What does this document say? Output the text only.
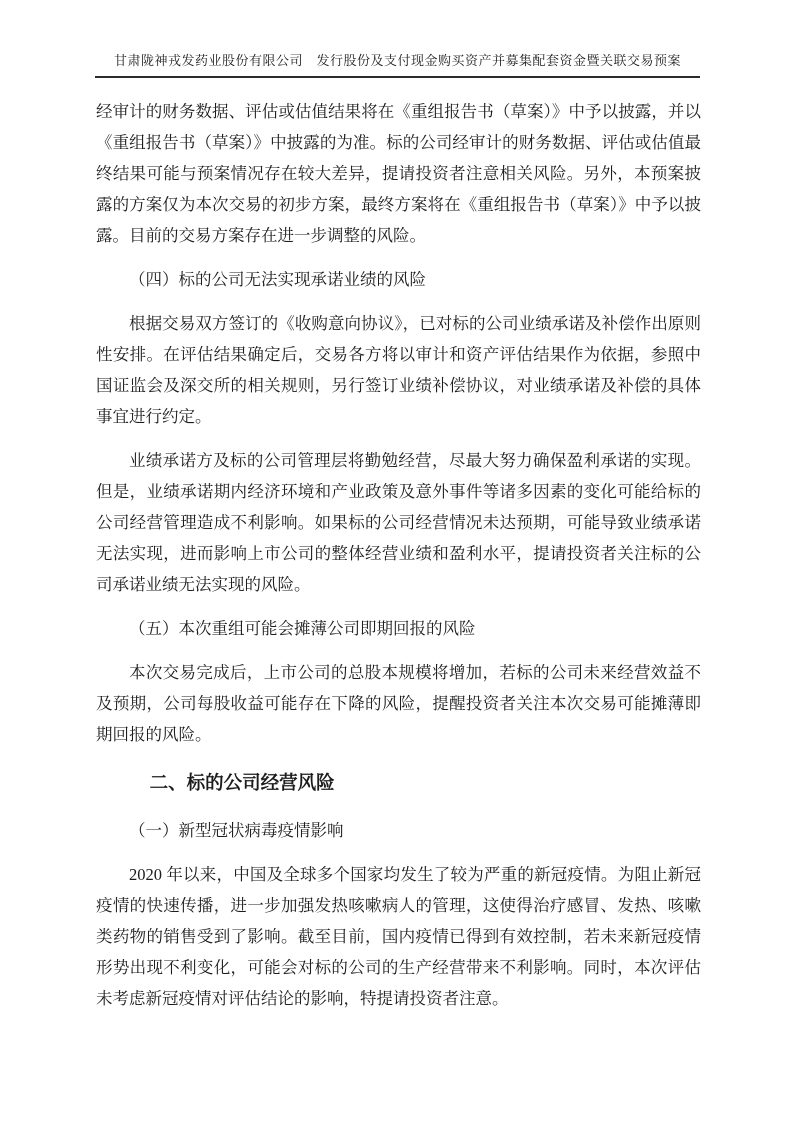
甘肃陇神戎发药业股份有限公司　发行股份及支付现金购买资产并募集配套资金暨关联交易预案

经审计的财务数据、评估或估值结果将在《重组报告书（草案）》中予以披露，并以《重组报告书（草案）》中披露的为准。标的公司经审计的财务数据、评估或估值最终结果可能与预案情况存在较大差异，提请投资者注意相关风险。另外，本预案披露的方案仅为本次交易的初步方案，最终方案将在《重组报告书（草案）》中予以披露。目前的交易方案存在进一步调整的风险。

（四）标的公司无法实现承诺业绩的风险

根据交易双方签订的《收购意向协议》，已对标的公司业绩承诺及补偿作出原则性安排。在评估结果确定后，交易各方将以审计和资产评估结果作为依据，参照中国证监会及深交所的相关规则，另行签订业绩补偿协议，对业绩承诺及补偿的具体事宜进行约定。

业绩承诺方及标的公司管理层将勤勉经营，尽最大努力确保盈利承诺的实现。但是，业绩承诺期内经济环境和产业政策及意外事件等诸多因素的变化可能给标的公司经营管理造成不利影响。如果标的公司经营情况未达预期，可能导致业绩承诺无法实现，进而影响上市公司的整体经营业绩和盈利水平，提请投资者关注标的公司承诺业绩无法实现的风险。

（五）本次重组可能会摊薄公司即期回报的风险

本次交易完成后，上市公司的总股本规模将增加，若标的公司未来经营效益不及预期，公司每股收益可能存在下降的风险，提醒投资者关注本次交易可能摊薄即期回报的风险。

二、标的公司经营风险
（一）新型冠状病毒疫情影响

2020 年以来，中国及全球多个国家均发生了较为严重的新冠疫情。为阻止新冠疫情的快速传播，进一步加强发热咳嗽病人的管理，这使得治疗感冒、发热、咳嗽类药物的销售受到了影响。截至目前，国内疫情已得到有效控制，若未来新冠疫情形势出现不利变化，可能会对标的公司的生产经营带来不利影响。同时，本次评估未考虑新冠疫情对评估结论的影响，特提请投资者注意。
